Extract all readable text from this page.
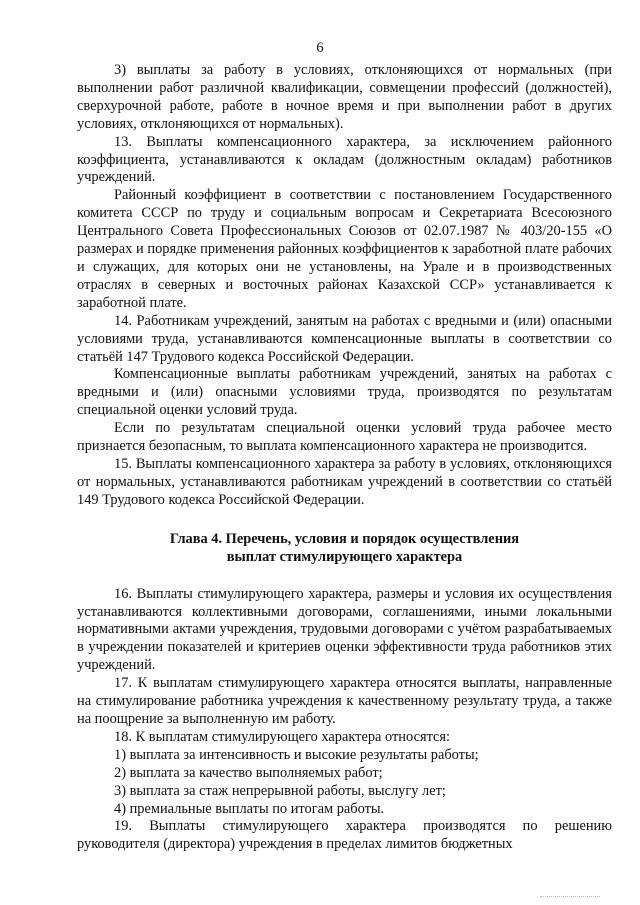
6

3) выплаты за работу в условиях, отклоняющихся от нормальных (при выполнении работ различной квалификации, совмещении профессий (должностей), сверхурочной работе, работе в ночное время и при выполнении работ в других условиях, отклоняющихся от нормальных).

13. Выплаты компенсационного характера, за исключением районного коэффициента, устанавливаются к окладам (должностным окладам) работников учреждений.

Районный коэффициент в соответствии с постановлением Государственного комитета СССР по труду и социальным вопросам и Секретариата Всесоюзного Центрального Совета Профессиональных Союзов от 02.07.1987 № 403/20-155 «О размерах и порядке применения районных коэффициентов к заработной плате рабочих и служащих, для которых они не установлены, на Урале и в производственных отраслях в северных и восточных районах Казахской ССР» устанавливается к заработной плате.

14. Работникам учреждений, занятым на работах с вредными и (или) опасными условиями труда, устанавливаются компенсационные выплаты в соответствии со статьёй 147 Трудового кодекса Российской Федерации.

Компенсационные выплаты работникам учреждений, занятых на работах с вредными и (или) опасными условиями труда, производятся по результатам специальной оценки условий труда.

Если по результатам специальной оценки условий труда рабочее место признается безопасным, то выплата компенсационного характера не производится.

15. Выплаты компенсационного характера за работу в условиях, отклоняющихся от нормальных, устанавливаются работникам учреждений в соответствии со статьёй 149 Трудового кодекса Российской Федерации.

Глава 4. Перечень, условия и порядок осуществления
выплат стимулирующего характера

16. Выплаты стимулирующего характера, размеры и условия их осуществления устанавливаются коллективными договорами, соглашениями, иными локальными нормативными актами учреждения, трудовыми договорами с учётом разрабатываемых в учреждении показателей и критериев оценки эффективности труда работников этих учреждений.

17. К выплатам стимулирующего характера относятся выплаты, направленные на стимулирование работника учреждения к качественному результату труда, а также на поощрение за выполненную им работу.

18. К выплатам стимулирующего характера относятся:

1) выплата за интенсивность и высокие результаты работы;

2) выплата за качество выполняемых работ;

3) выплата за стаж непрерывной работы, выслугу лет;

4) премиальные выплаты по итогам работы.

19. Выплаты стимулирующего характера производятся по решению руководителя (директора) учреждения в пределах лимитов бюджетных
